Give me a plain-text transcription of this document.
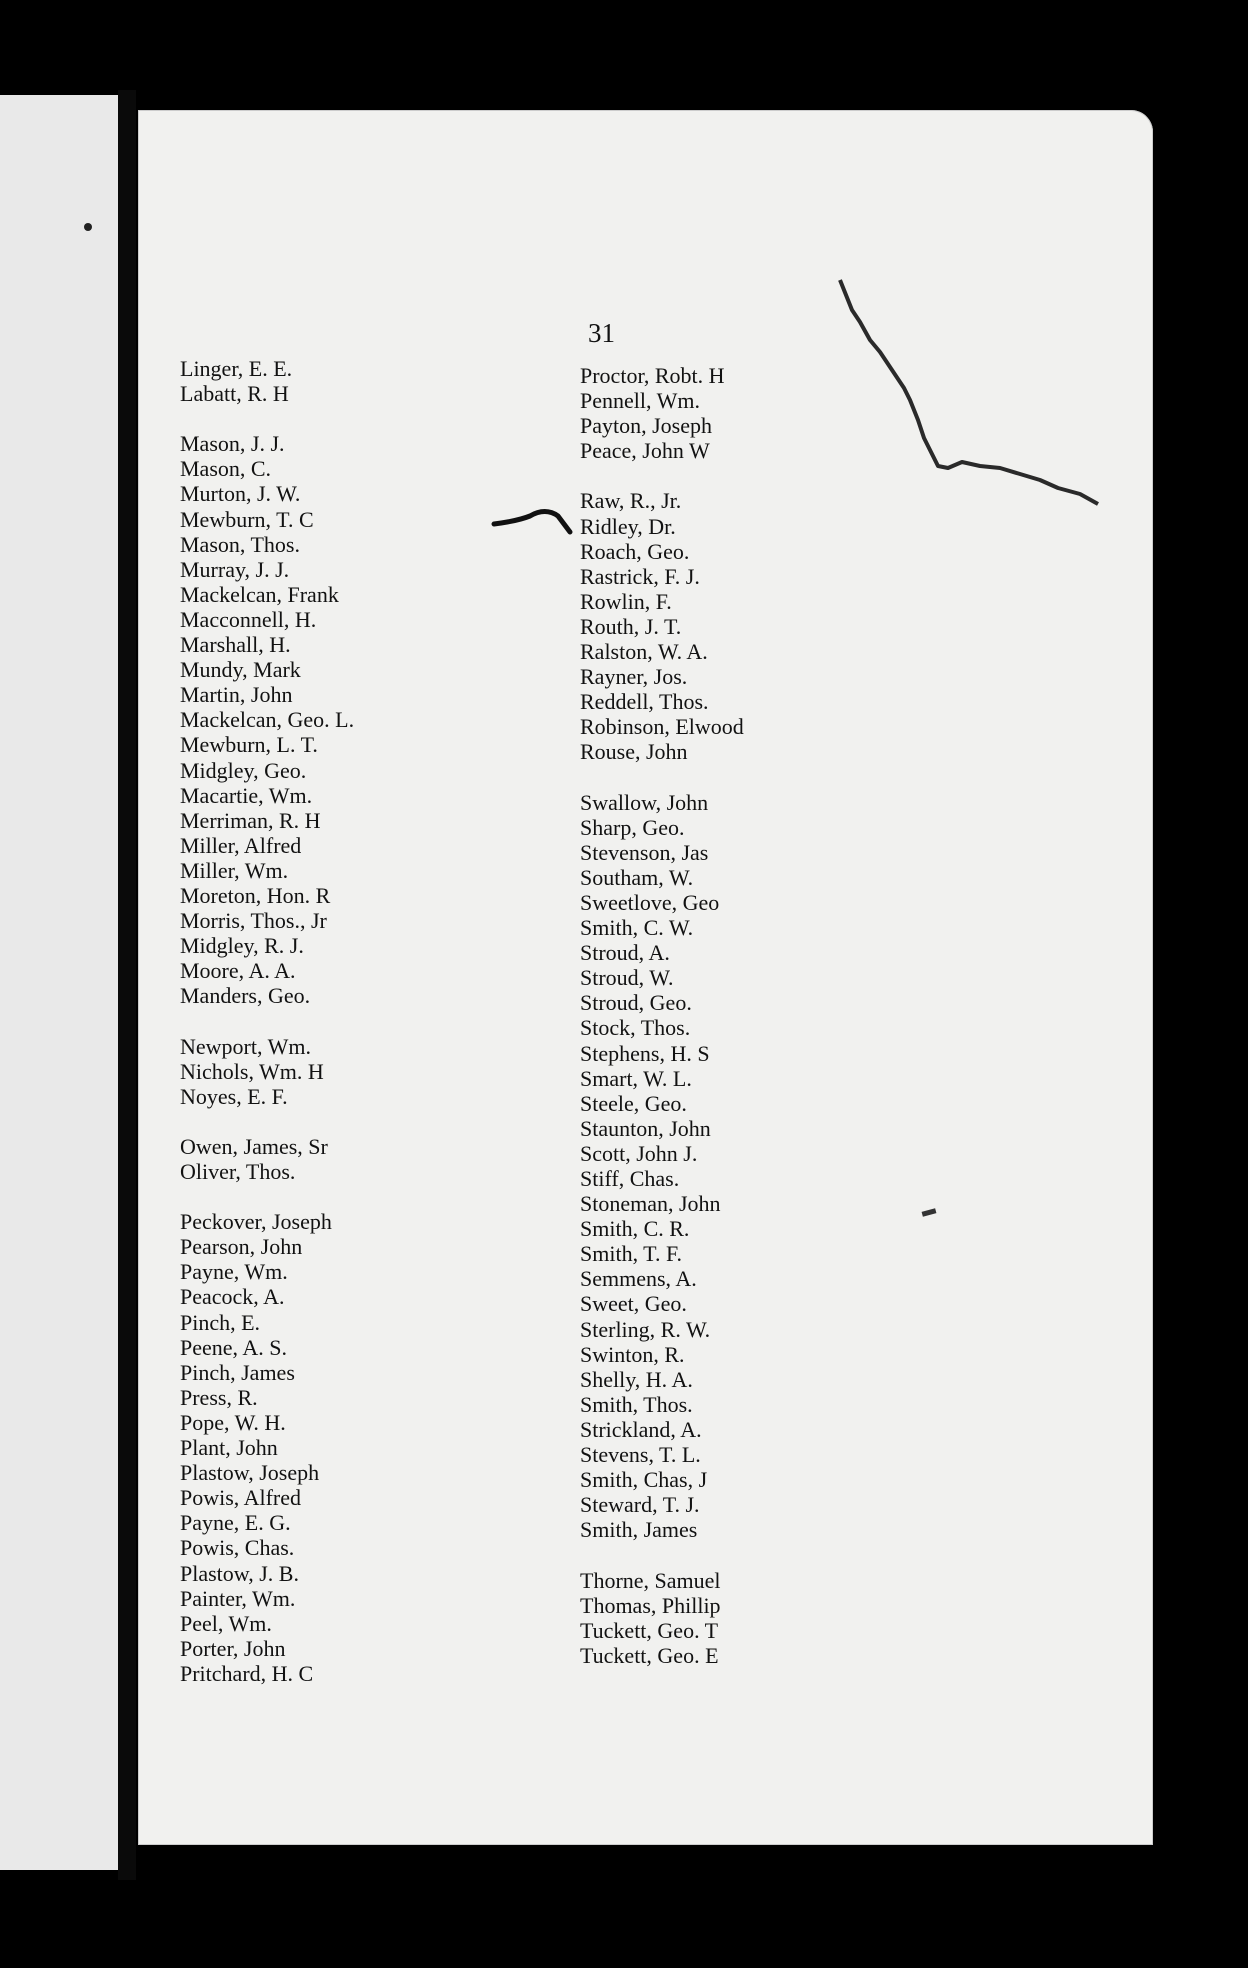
31
Linger, E. E.
Labatt, R. H
Mason, J. J.
Mason, C.
Murton, J. W.
Mewburn, T. C
Mason, Thos.
Murray, J. J.
Mackelcan, Frank
Macconnell, H.
Marshall, H.
Mundy, Mark
Martin, John
Mackelcan, Geo. L.
Mewburn, L. T.
Midgley, Geo.
Macartie, Wm.
Merriman, R. H
Miller, Alfred
Miller, Wm.
Moreton, Hon. R
Morris, Thos., Jr
Midgley, R. J.
Moore, A. A.
Manders, Geo.
Newport, Wm.
Nichols, Wm. H
Noyes, E. F.
Owen, James, Sr
Oliver, Thos.
Peckover, Joseph
Pearson, John
Payne, Wm.
Peacock, A.
Pinch, E.
Peene, A. S.
Pinch, James
Press, R.
Pope, W. H.
Plant, John
Plastow, Joseph
Powis, Alfred
Payne, E. G.
Powis, Chas.
Plastow, J. B.
Painter, Wm.
Peel, Wm.
Porter, John
Pritchard, H. C
Proctor, Robt. H
Pennell, Wm.
Payton, Joseph
Peace, John W
Raw, R., Jr.
Ridley, Dr.
Roach, Geo.
Rastrick, F. J.
Rowlin, F.
Routh, J. T.
Ralston, W. A.
Rayner, Jos.
Reddell, Thos.
Robinson, Elwood
Rouse, John
Swallow, John
Sharp, Geo.
Stevenson, Jas
Southam, W.
Sweetlove, Geo
Smith, C. W.
Stroud, A.
Stroud, W.
Stroud, Geo.
Stock, Thos.
Stephens, H. S
Smart, W. L.
Steele, Geo.
Staunton, John
Scott, John J.
Stiff, Chas.
Stoneman, John
Smith, C. R.
Smith, T. F.
Semmens, A.
Sweet, Geo.
Sterling, R. W.
Swinton, R.
Shelly, H. A.
Smith, Thos.
Strickland, A.
Stevens, T. L.
Smith, Chas, J
Steward, T. J.
Smith, James
Thorne, Samuel
Thomas, Phillip
Tuckett, Geo. T
Tuckett, Geo. E
